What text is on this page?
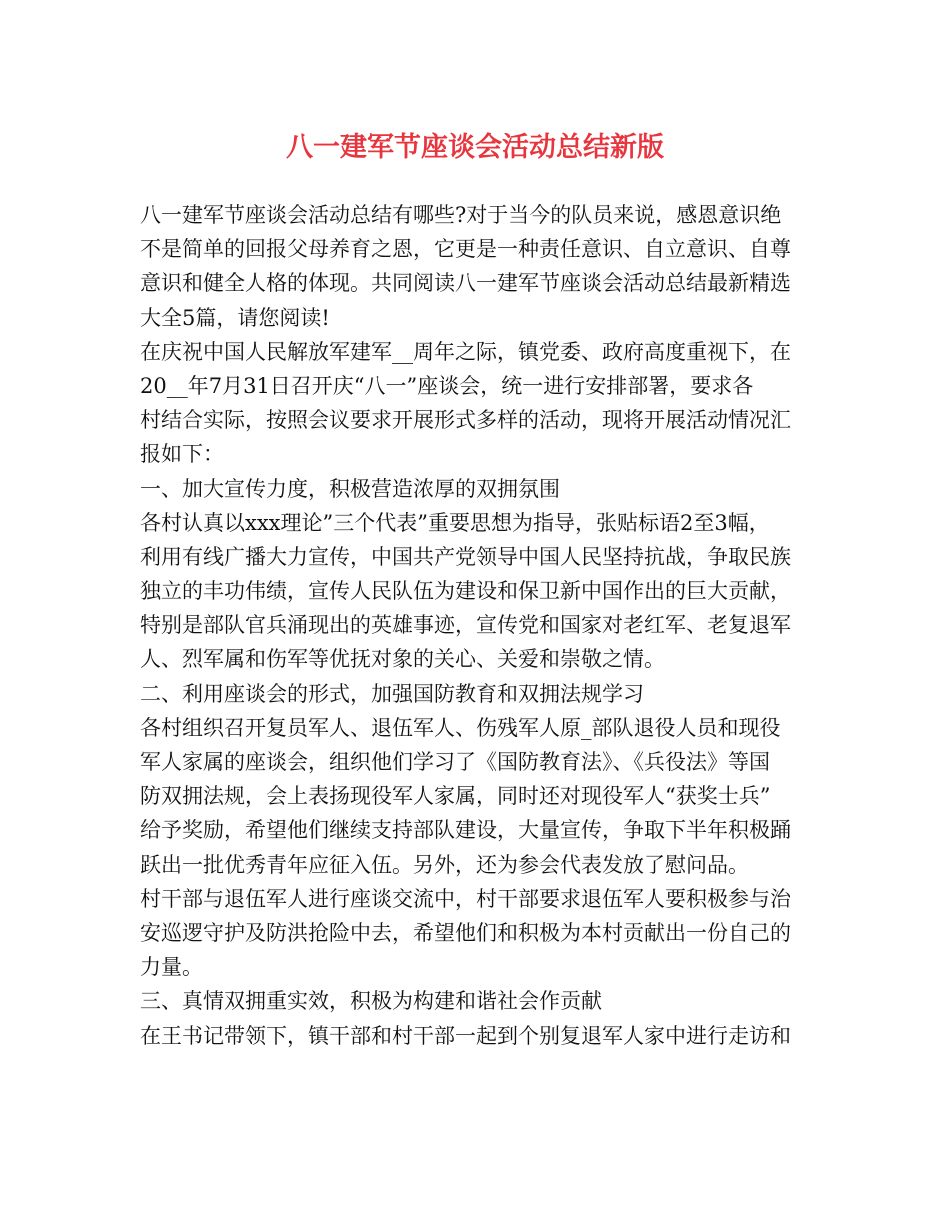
八一建军节座谈会活动总结新版
八一建军节座谈会活动总结有哪些?对于当今的队员来说，感恩意识绝
不是简单的回报父母养育之恩，它更是一种责任意识、自立意识、自尊
意识和健全人格的体现。共同阅读八一建军节座谈会活动总结最新精选
大全5篇，请您阅读!
在庆祝中国人民解放军建军__周年之际，镇党委、政府高度重视下，在
20__年7月31日召开庆“八一”座谈会，统一进行安排部署，要求各
村结合实际，按照会议要求开展形式多样的活动，现将开展活动情况汇
报如下：
一、加大宣传力度，积极营造浓厚的双拥氛围
各村认真以xxx理论”三个代表”重要思想为指导，张贴标语2至3幅，
利用有线广播大力宣传，中国共产党领导中国人民坚持抗战，争取民族
独立的丰功伟绩，宣传人民队伍为建设和保卫新中国作出的巨大贡献，
特别是部队官兵涌现出的英雄事迹，宣传党和国家对老红军、老复退军
人、烈军属和伤军等优抚对象的关心、关爱和崇敬之情。
二、利用座谈会的形式，加强国防教育和双拥法规学习
各村组织召开复员军人、退伍军人、伤残军人原_部队退役人员和现役
军人家属的座谈会，组织他们学习了《国防教育法》、《兵役法》等国
防双拥法规，会上表扬现役军人家属，同时还对现役军人“获奖士兵”
给予奖励，希望他们继续支持部队建设，大量宣传，争取下半年积极踊
跃出一批优秀青年应征入伍。另外，还为参会代表发放了慰问品。
村干部与退伍军人进行座谈交流中，村干部要求退伍军人要积极参与治
安巡逻守护及防洪抢险中去，希望他们和积极为本村贡献出一份自己的
力量。
三、真情双拥重实效，积极为构建和谐社会作贡献
在王书记带领下，镇干部和村干部一起到个别复退军人家中进行走访和
